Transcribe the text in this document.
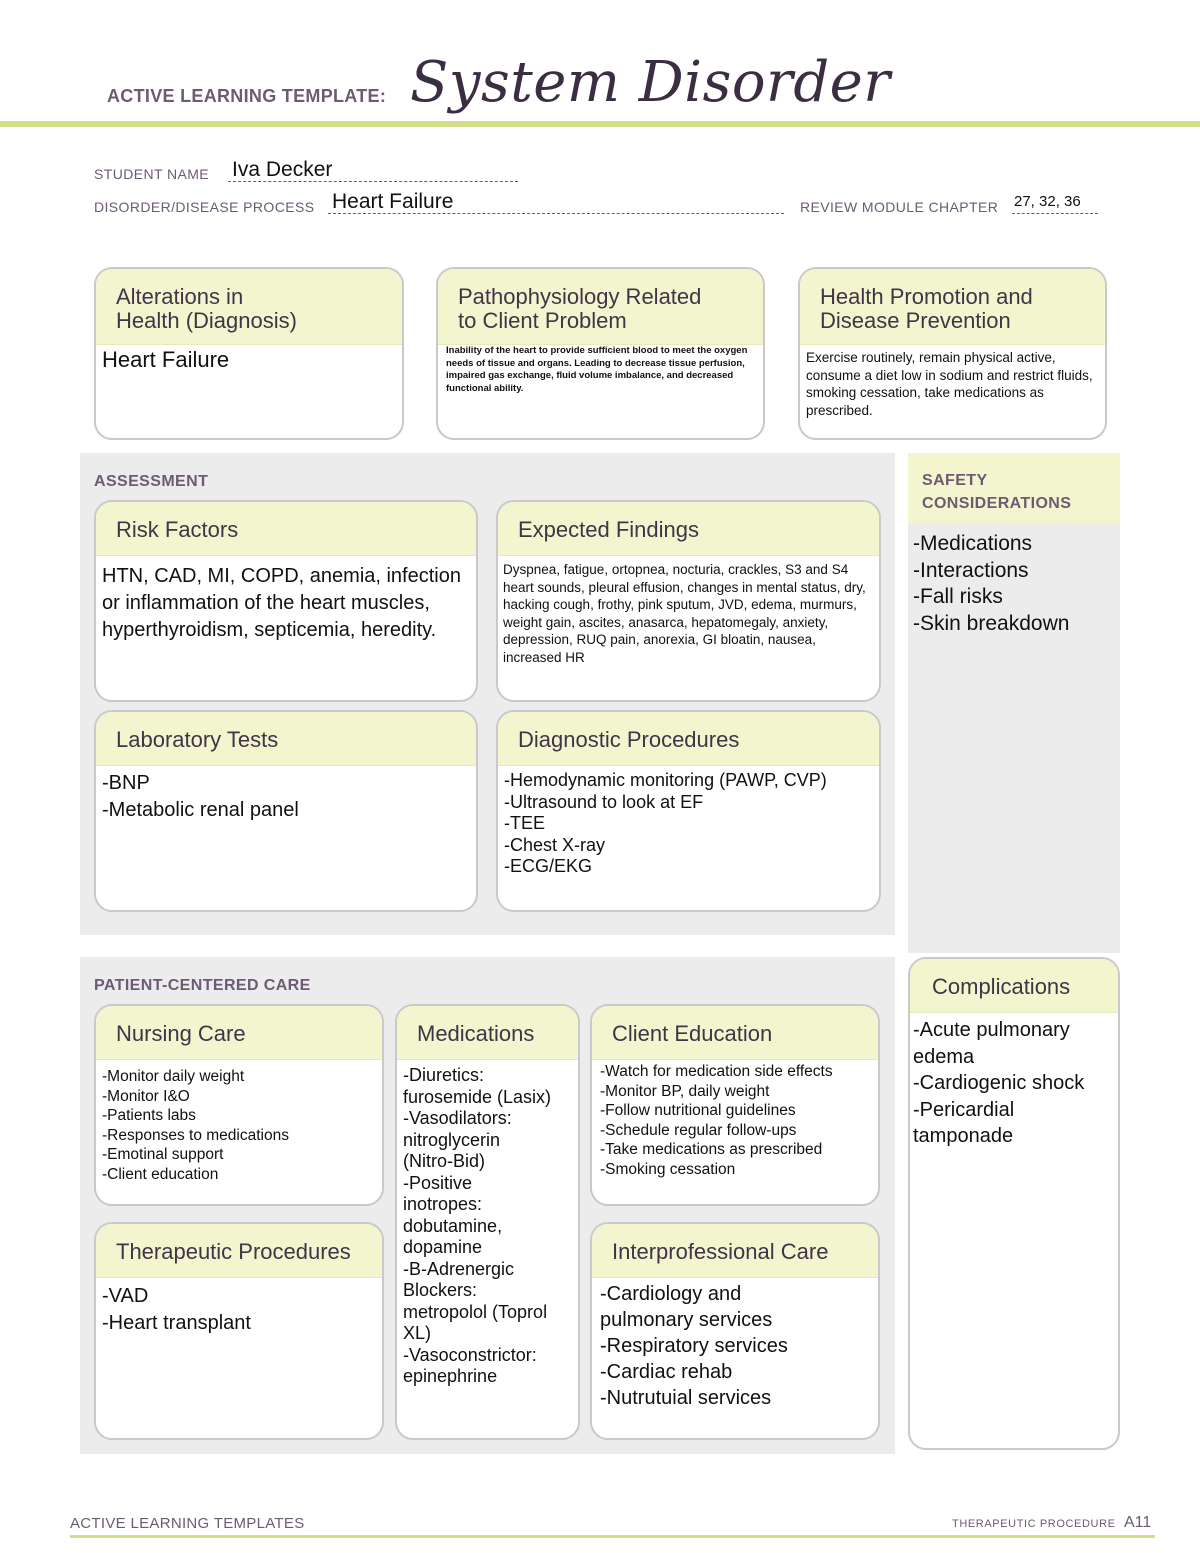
ACTIVE LEARNING TEMPLATE: System Disorder
STUDENT NAME Iva Decker
DISORDER/DISEASE PROCESS Heart Failure	REVIEW MODULE CHAPTER 27, 32, 36
Alterations in
Health (Diagnosis)
Heart Failure
Pathophysiology Related
to Client Problem
Inability of the heart to provide sufficient blood to meet the oxygen needs of tissue and organs. Leading to decrease tissue perfusion, impaired gas exchange, fluid volume imbalance, and decreased functional ability.
Health Promotion and
Disease Prevention
Exercise routinely, remain physical active, consume a diet low in sodium and restrict fluids, smoking cessation, take medications as prescribed.
ASSESSMENT
Risk Factors
HTN, CAD, MI, COPD, anemia, infection or inflammation of the heart muscles, hyperthyroidism, septicemia, heredity.
Expected Findings
Dyspnea, fatigue, ortopnea, nocturia, crackles, S3 and S4 heart sounds, pleural effusion, changes in mental status, dry, hacking cough, frothy, pink sputum, JVD, edema, murmurs, weight gain, ascites, anasarca, hepatomegaly, anxiety, depression, RUQ pain, anorexia, GI bloatin, nausea, increased HR
Laboratory Tests
-BNP
-Metabolic renal panel
Diagnostic Procedures
-Hemodynamic monitoring (PAWP, CVP)
-Ultrasound to look at EF
-TEE
-Chest X-ray
-ECG/EKG
SAFETY
CONSIDERATIONS
-Medications
-Interactions
-Fall risks
-Skin breakdown
PATIENT-CENTERED CARE
Nursing Care
-Monitor daily weight
-Monitor I&O
-Patients labs
-Responses to medications
-Emotinal support
-Client education
Medications
-Diuretics:
furosemide (Lasix)
-Vasodilators:
nitroglycerin
(Nitro-Bid)
-Positive
inotropes:
dobutamine,
dopamine
-B-Adrenergic
Blockers:
metropolol (Toprol
XL)
-Vasoconstrictor:
epinephrine
Client Education
-Watch for medication side effects
-Monitor BP, daily weight
-Follow nutritional guidelines
-Schedule regular follow-ups
-Take medications as prescribed
-Smoking cessation
Therapeutic Procedures
-VAD
-Heart transplant
Interprofessional Care
-Cardiology and
pulmonary services
-Respiratory services
-Cardiac rehab
-Nutrutuial services
Complications
-Acute pulmonary
edema
-Cardiogenic shock
-Pericardial
tamponade
ACTIVE LEARNING TEMPLATES	THERAPEUTIC PROCEDURE A11
